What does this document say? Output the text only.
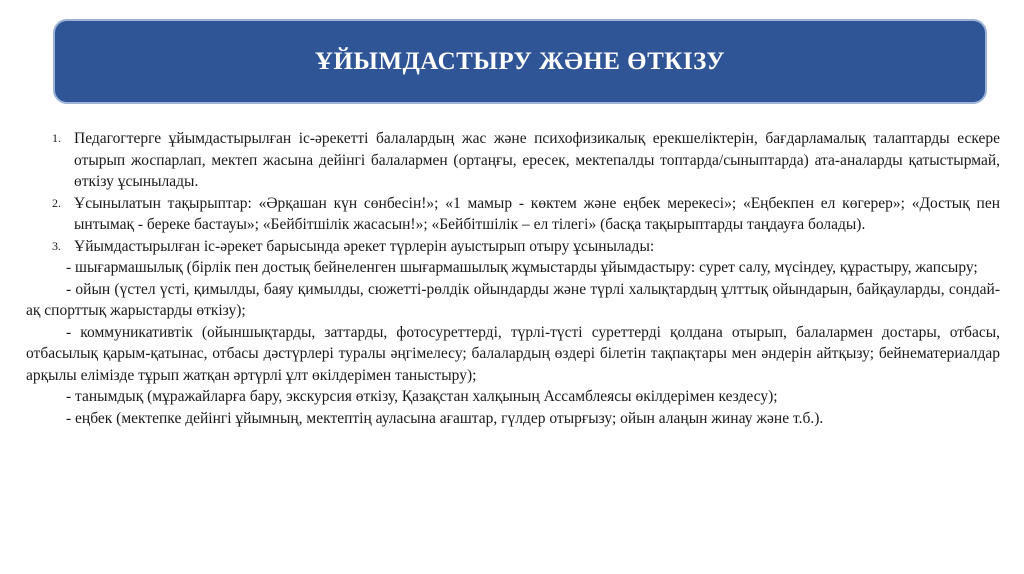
ҰЙЫМДАСТЫРУ ЖӘНЕ ӨТКІЗУ
1. Педагогтерге ұйымдастырылған іс-әрекетті балалардың жас және психофизикалық ерекшеліктерін, бағдарламалық талаптарды ескере отырып жоспарлап, мектеп жасына дейінгі балалармен (ортаңғы, ересек, мектепалды топтарда/сыныптарда) ата-аналарды қатыстырмай, өткізу ұсынылады.
2. Ұсынылатын тақырыптар: «Әрқашан күн сөнбесін!»; «1 мамыр - көктем және еңбек мерекесі»; «Еңбекпен ел көгерер»; «Достық пен ынтымақ - береке бастауы»; «Бейбітшілік жасасын!»; «Бейбітшілік – ел тілегі» (басқа тақырыптарды таңдауға болады).
3. Ұйымдастырылған іс-әрекет барысында әрекет түрлерін ауыстырып отыру ұсынылады:
- шығармашылық (бірлік пен достық бейнеленген шығармашылық жұмыстарды ұйымдастыру: сурет салу, мүсіндеу, құрастыру, жапсыру;
- ойын (үстел үсті, қимылды, баяу қимылды, сюжетті-рөлдік ойындарды және түрлі халықтардың ұлттық ойындарын, байқауларды, сондай-ақ спорттық жарыстарды өткізу);
- коммуникативтік (ойыншықтарды, заттарды, фотосуреттерді, түрлі-түсті суреттерді қолдана отырып, балалармен достары, отбасы, отбасылық қарым-қатынас, отбасы дәстүрлері туралы әңгімелесу; балалардың өздері білетін тақпақтары мен әндерін айтқызу; бейнематериалдар арқылы елімізде тұрып жатқан әртүрлі ұлт өкілдерімен таныстыру);
- танымдық (мұражайларға бару, экскурсия өткізу, Қазақстан халқының Ассамблеясы өкілдерімен кездесу);
- еңбек (мектепке дейінгі ұйымның, мектептің ауласына ағаштар, гүлдер отырғызу; ойын алаңын жинау және т.б.).
